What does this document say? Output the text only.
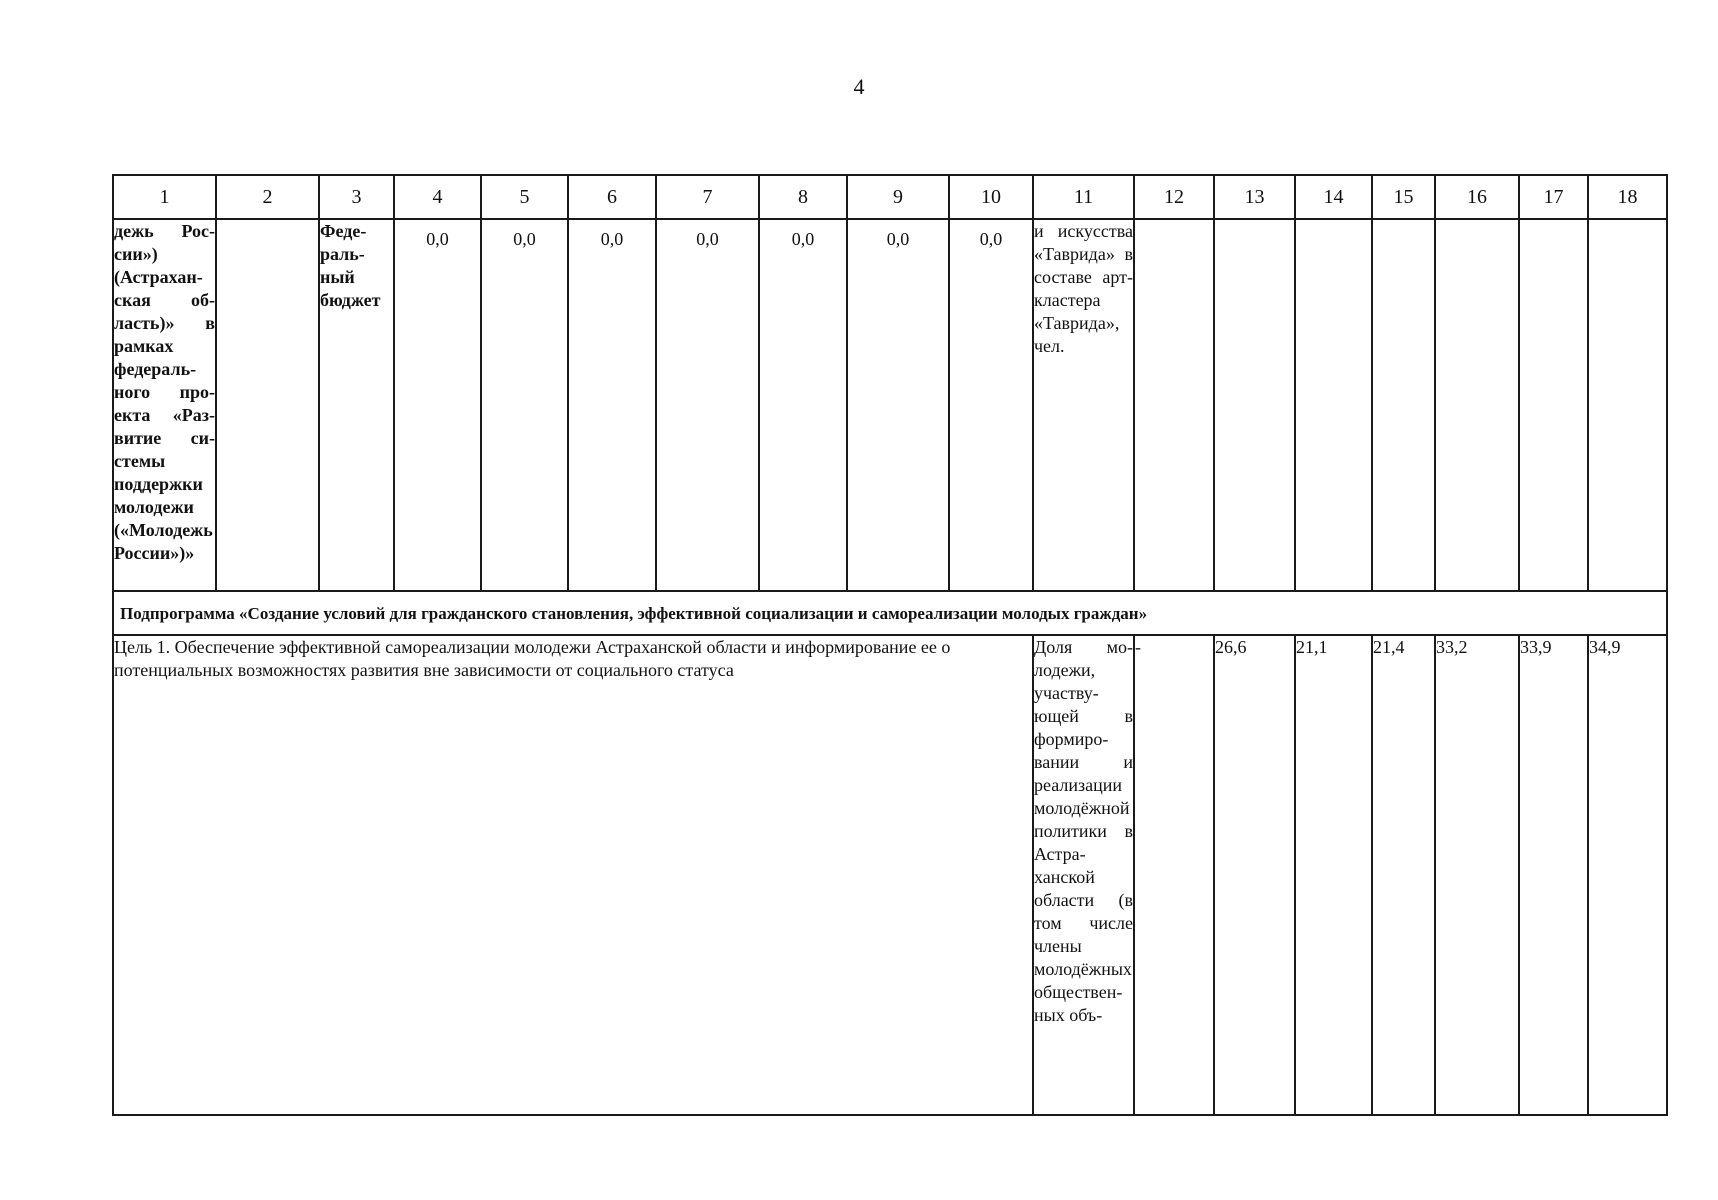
4
1	2	3	4	5	6	7	8	9	10	11	12	13	14	15	16	17	18
дежь России») (Астраханская область)» в рамках федерального проекта «Развитие системы поддержки молодежи («Молодежь России»)»		Федеральный бюджет	0,0	0,0	0,0	0,0	0,0	0,0	0,0	и искусства «Таврида» в составе арт-кластера «Таврида», чел.							
Подпрограмма «Создание условий для гражданского становления, эффективной социализации и самореализации молодых граждан»																	
Цель 1. Обеспечение эффективной самореализации молодежи Астраханской области и информирование ее о потенциальных возможностях развития вне зависимости от социального статуса										Доля молодежи, участвующей в формировании и реализации молодёжной политики в Астраханской области (в том числе члены молодёжных общественных объ-	-	26,6	21,1	21,4	33,2	33,9	34,9
